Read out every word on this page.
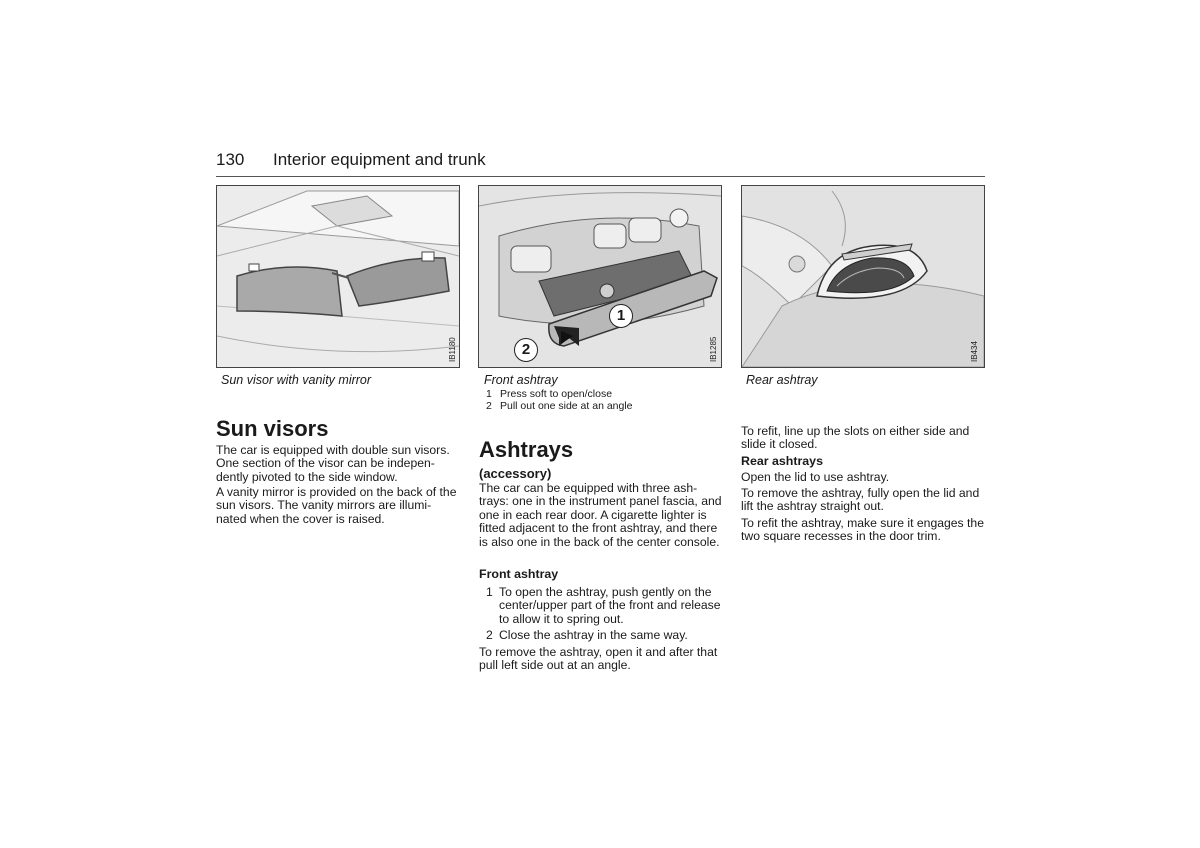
130 Interior equipment and trunk
IB1180
1
2	IB1285	IB434
Sun visor with vanity mirror	Front ashtray
1 Press soft to open/close
2 Pull out one side at an angle
Rear ashtray
Sun visors
The car is equipped with double sun visors. One section of the visor can be indepen-dently pivoted to the side window.
A vanity mirror is provided on the back of the sun visors. The vanity mirrors are illumi-nated when the cover is raised.
Ashtrays
(accessory)
The car can be equipped with three ash-trays: one in the instrument panel fascia, and one in each rear door. A cigarette lighter is fitted adjacent to the front ashtray, and there is also one in the back of the center console.
Front ashtray
1 To open the ashtray, push gently on the center/upper part of the front and release to allow it to spring out.
2 Close the ashtray in the same way.
To remove the ashtray, open it and after that pull left side out at an angle.
To refit, line up the slots on either side and slide it closed.
Rear ashtrays
Open the lid to use ashtray.
To remove the ashtray, fully open the lid and lift the ashtray straight out.
To refit the ashtray, make sure it engages the two square recesses in the door trim.
